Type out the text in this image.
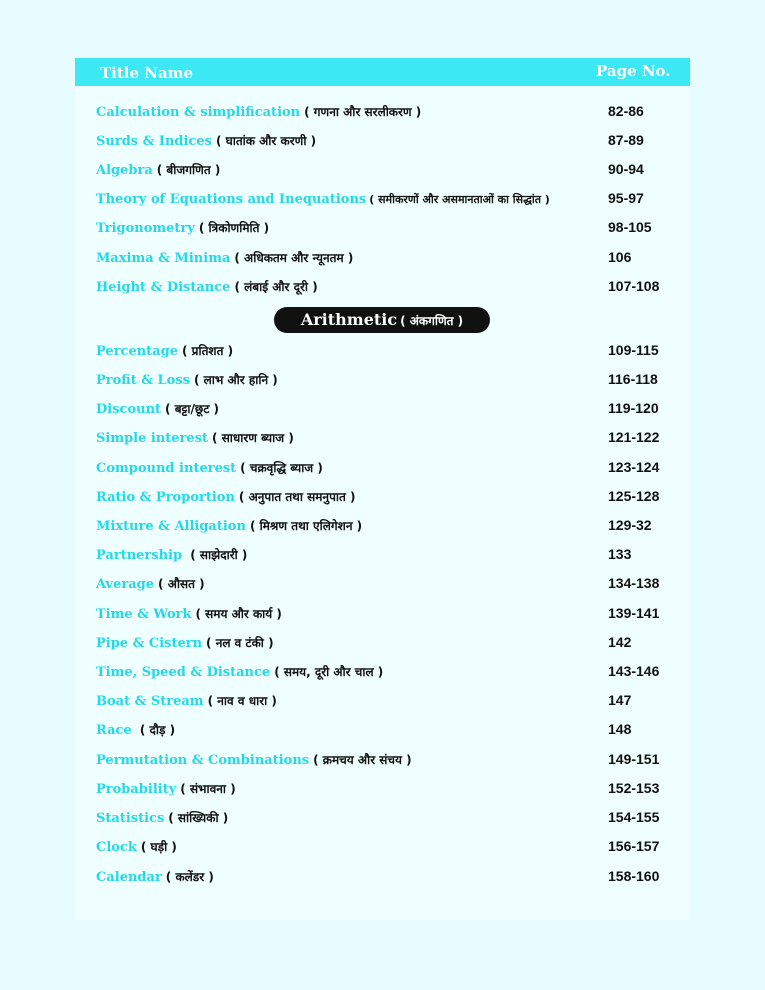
Title Name	Page No.
Calculation & simplification ( गणना और सरलीकरण )	82-86
Surds & Indices ( घातांक और करणी )	87-89
Algebra ( बीजगणित )	90-94
Theory of Equations and Inequations ( समीकरणों और असमानताओं का सिद्धांत )	95-97
Trigonometry ( त्रिकोणमिति )	98-105
Maxima & Minima ( अधिकतम और न्यूनतम )	106
Height & Distance ( लंबाई और दूरी )	107-108
Arithmetic ( अंकगणित )
Percentage ( प्रतिशत )	109-115
Profit & Loss ( लाभ और हानि )	116-118
Discount ( बट्टा/छूट )	119-120
Simple interest ( साधारण ब्याज )	121-122
Compound interest ( चक्रवृद्धि ब्याज )	123-124
Ratio & Proportion ( अनुपात तथा समनुपात )	125-128
Mixture & Alligation ( मिश्रण तथा एलिगेशन )	129-32
Partnership ( साझेदारी )	133
Average ( औसत )	134-138
Time & Work ( समय और कार्य )	139-141
Pipe & Cistern ( नल व टंकी )	142
Time, Speed & Distance ( समय, दूरी और चाल )	143-146
Boat & Stream ( नाव व धारा )	147
Race ( दौड़ )	148
Permutation & Combinations ( क्रमचय और संचय )	149-151
Probability ( संभावना )	152-153
Statistics ( सांख्यिकी )	154-155
Clock ( घड़ी )	156-157
Calendar ( कलेंडर )	158-160
